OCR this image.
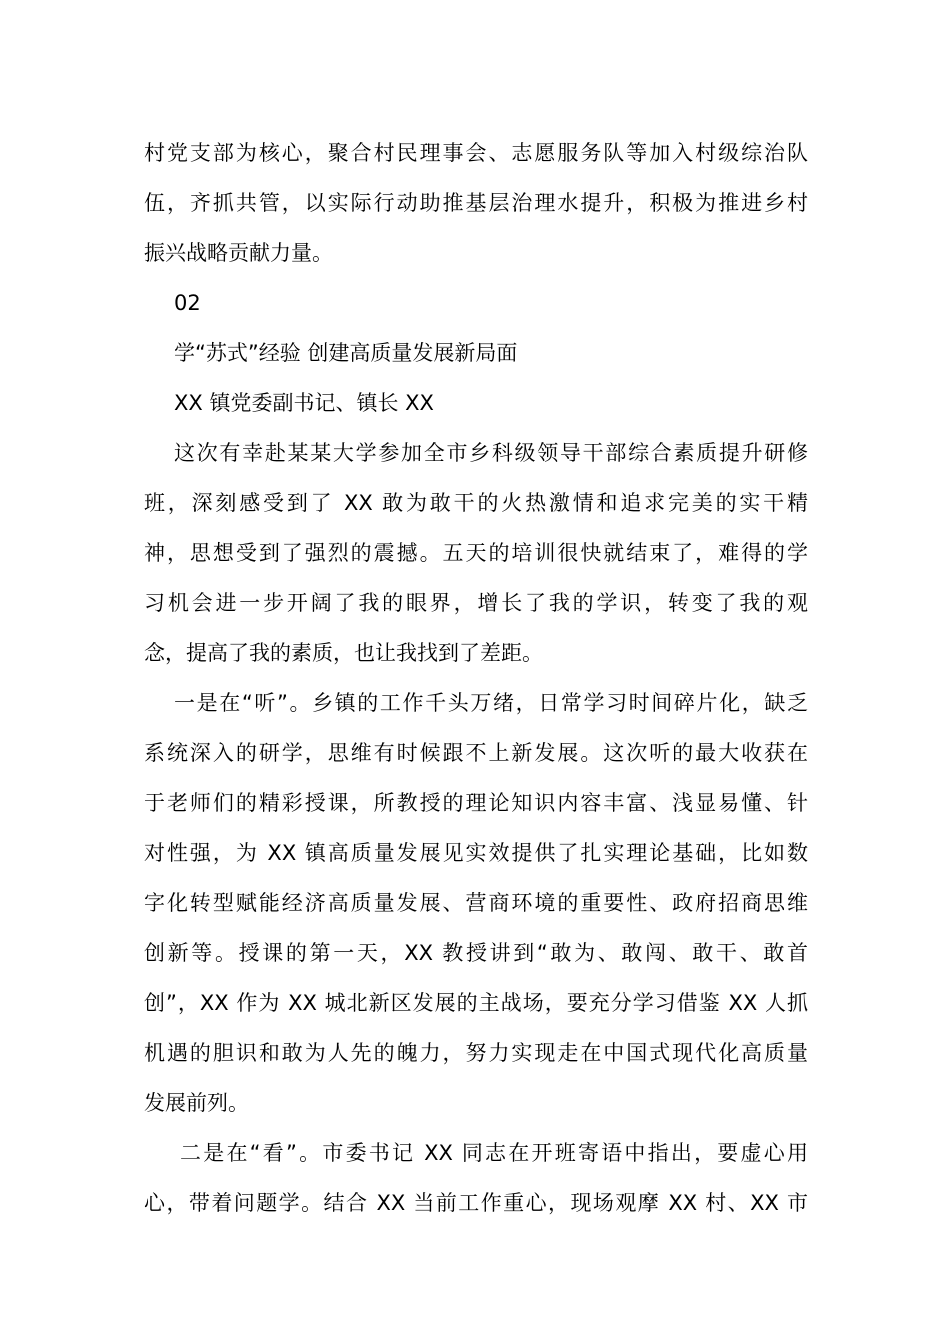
村党支部为核心，聚合村民理事会、志愿服务队等加入村级综治队
伍，齐抓共管，以实际行动助推基层治理水提升，积极为推进乡村
振兴战略贡献力量。
02
学“苏式”经验 创建高质量发展新局面
XX 镇党委副书记、镇长 XX
这次有幸赴某某大学参加全市乡科级领导干部综合素质提升研修
班，深刻感受到了 XX 敢为敢干的火热激情和追求完美的实干精
神，思想受到了强烈的震撼。五天的培训很快就结束了，难得的学
习机会进一步开阔了我的眼界，增长了我的学识，转变了我的观
念，提高了我的素质，也让我找到了差距。
一是在“听”。乡镇的工作千头万绪，日常学习时间碎片化，缺乏
系统深入的研学，思维有时候跟不上新发展。这次听的最大收获在
于老师们的精彩授课，所教授的理论知识内容丰富、浅显易懂、针
对性强，为 XX 镇高质量发展见实效提供了扎实理论基础，比如数
字化转型赋能经济高质量发展、营商环境的重要性、政府招商思维
创新等。授课的第一天，XX 教授讲到“敢为、敢闯、敢干、敢首
创”，XX 作为 XX 城北新区发展的主战场，要充分学习借鉴 XX 人抓
机遇的胆识和敢为人先的魄力，努力实现走在中国式现代化高质量
发展前列。
二是在“看”。市委书记 XX 同志在开班寄语中指出，要虚心用
心，带着问题学。结合 XX 当前工作重心，现场观摩 XX 村、XX 市
